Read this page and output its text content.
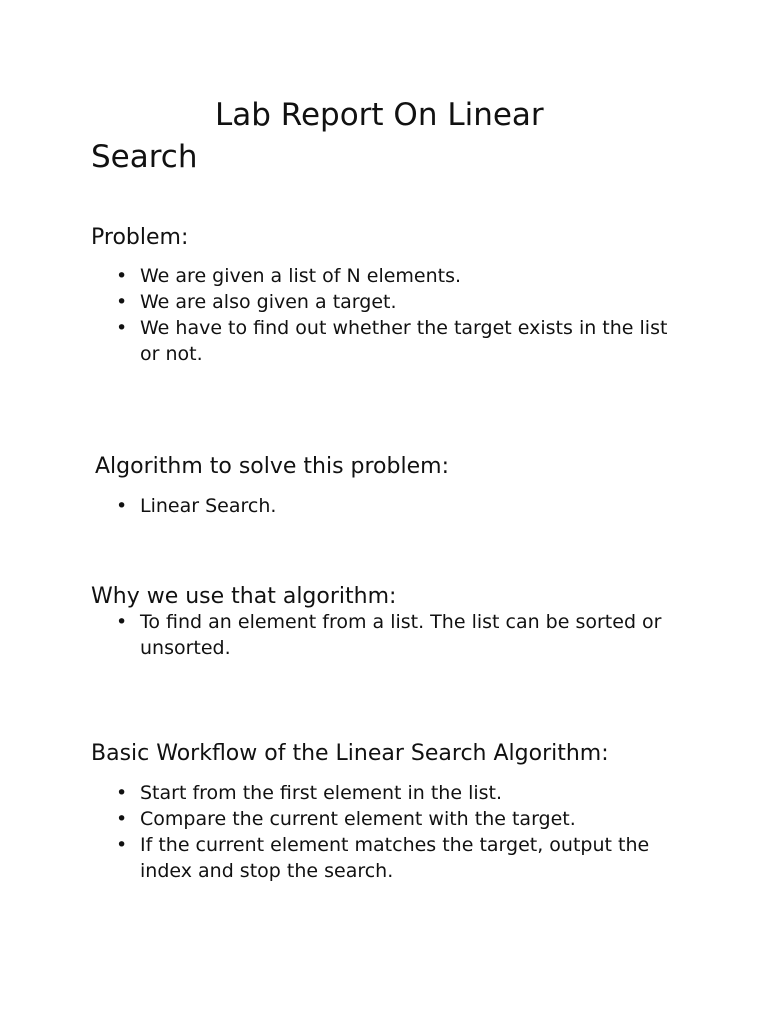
Lab Report On Linear Search
Problem:
• We are given a list of N elements.
• We are also given a target.
• We have to find out whether the target exists in the list or not.
Algorithm to solve this problem:
• Linear Search.
Why we use that algorithm:
• To find an element from a list. The list can be sorted or unsorted.
Basic Workflow of the Linear Search Algorithm:
• Start from the first element in the list.
• Compare the current element with the target.
• If the current element matches the target, output the index and stop the search.
